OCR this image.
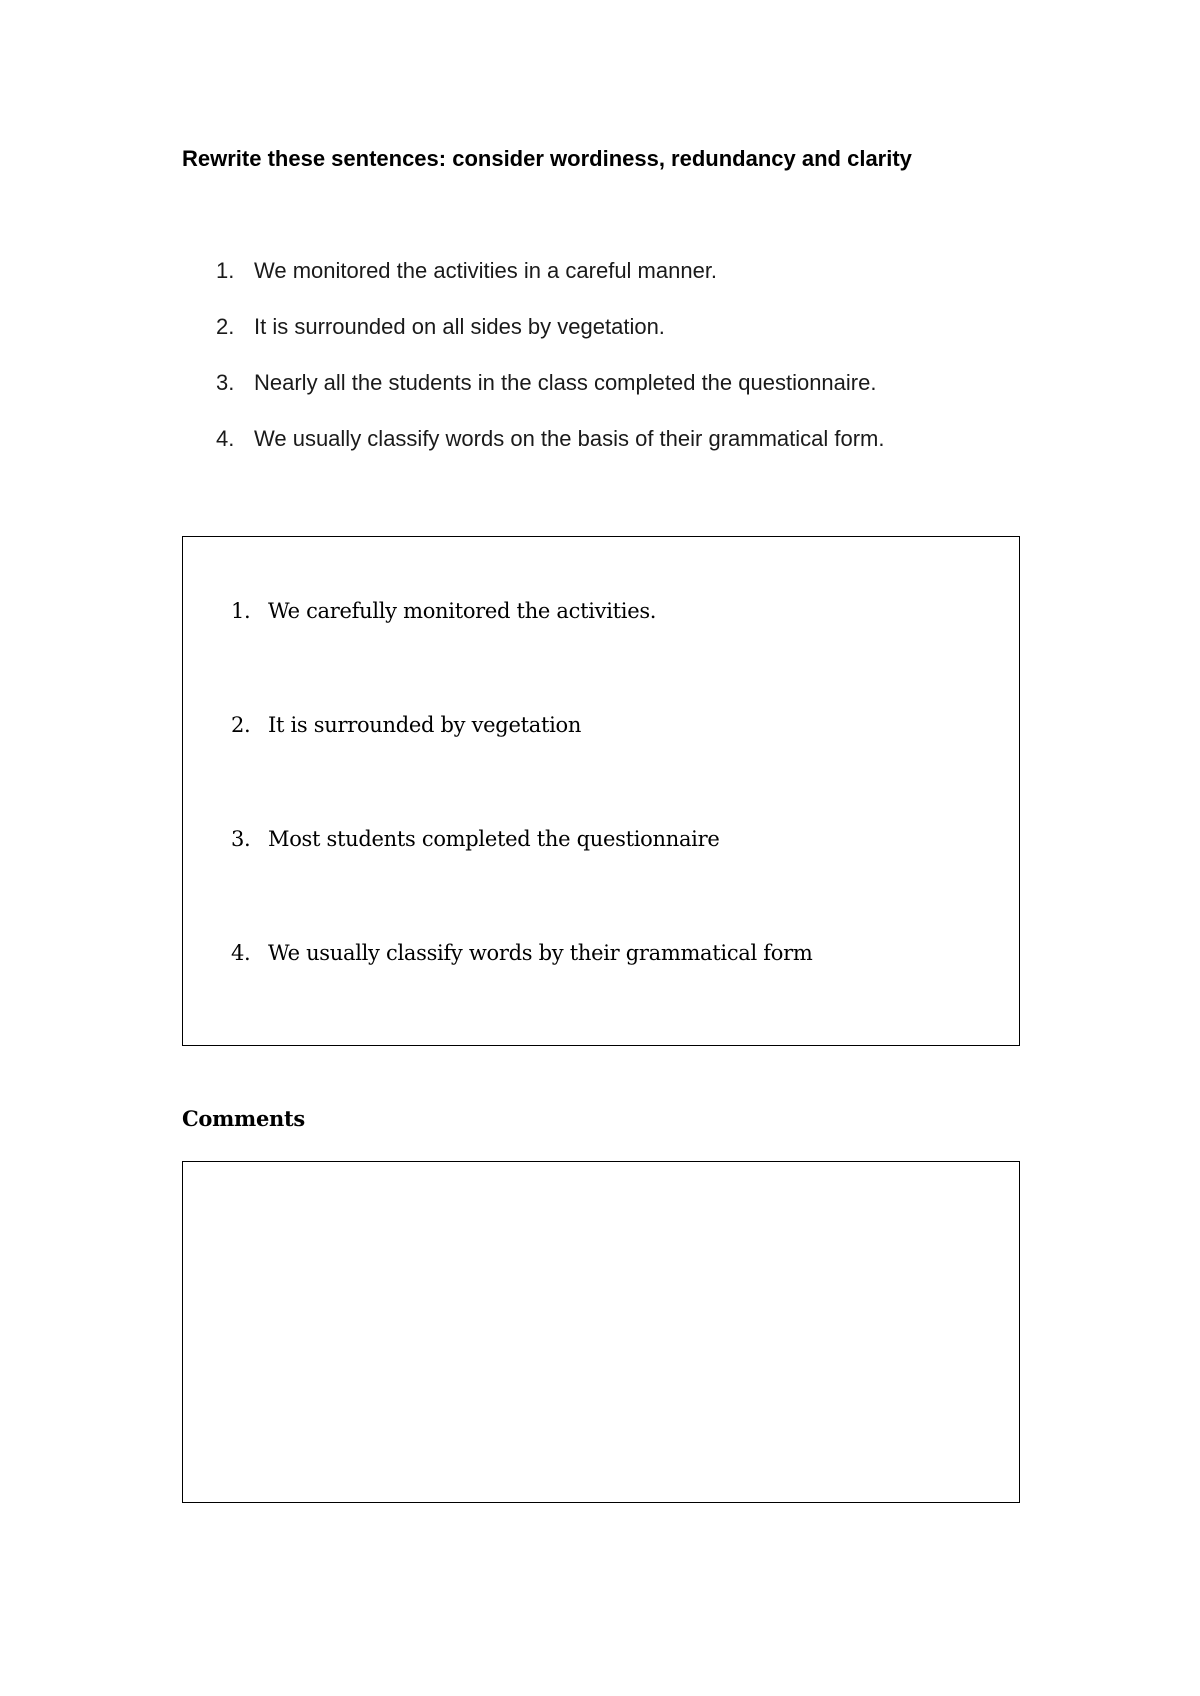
Rewrite these sentences: consider wordiness, redundancy and clarity
1. We monitored the activities in a careful manner.
2. It is surrounded on all sides by vegetation.
3. Nearly all the students in the class completed the questionnaire.
4. We usually classify words on the basis of their grammatical form.
1. We carefully monitored the activities.
2. It is surrounded by vegetation
3. Most students completed the questionnaire
4. We usually classify words by their grammatical form
Comments
